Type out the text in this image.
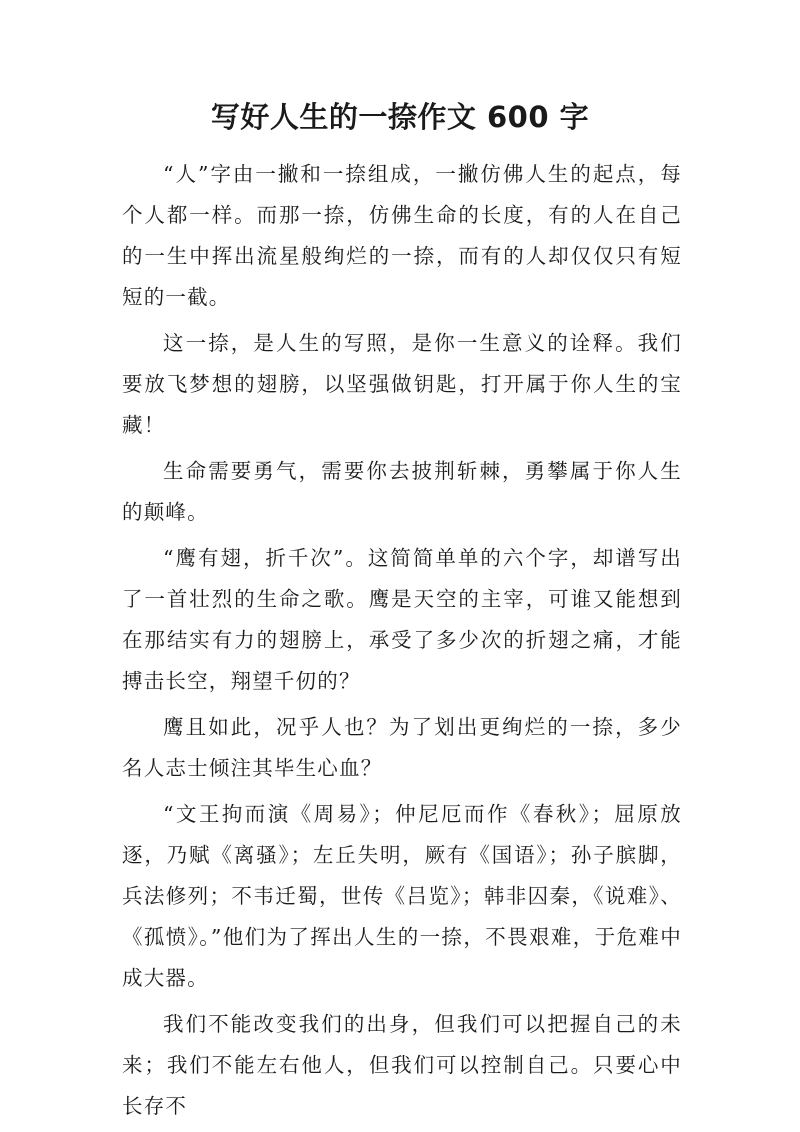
写好人生的一捺作文 600 字

“人”字由一撇和一捺组成，一撇仿佛人生的起点，每个人都一样。而那一捺，仿佛生命的长度，有的人在自己的一生中挥出流星般绚烂的一捺，而有的人却仅仅只有短短的一截。

这一捺，是人生的写照，是你一生意义的诠释。我们要放飞梦想的翅膀，以坚强做钥匙，打开属于你人生的宝藏！

生命需要勇气，需要你去披荆斩棘，勇攀属于你人生的颠峰。

“鹰有翅，折千次”。这简简单单的六个字，却谱写出了一首壮烈的生命之歌。鹰是天空的主宰，可谁又能想到在那结实有力的翅膀上，承受了多少次的折翅之痛，才能搏击长空，翔望千仞的？

鹰且如此，况乎人也？为了划出更绚烂的一捺，多少名人志士倾注其毕生心血？

“文王拘而演《周易》；仲尼厄而作《春秋》；屈原放逐，乃赋《离骚》；左丘失明，厥有《国语》；孙子膑脚，兵法修列；不韦迁蜀，世传《吕览》；韩非囚秦，《说难》、《孤愤》。”他们为了挥出人生的一捺，不畏艰难，于危难中成大器。

我们不能改变我们的出身，但我们可以把握自己的未来；我们不能左右他人，但我们可以控制自己。只要心中长存不
